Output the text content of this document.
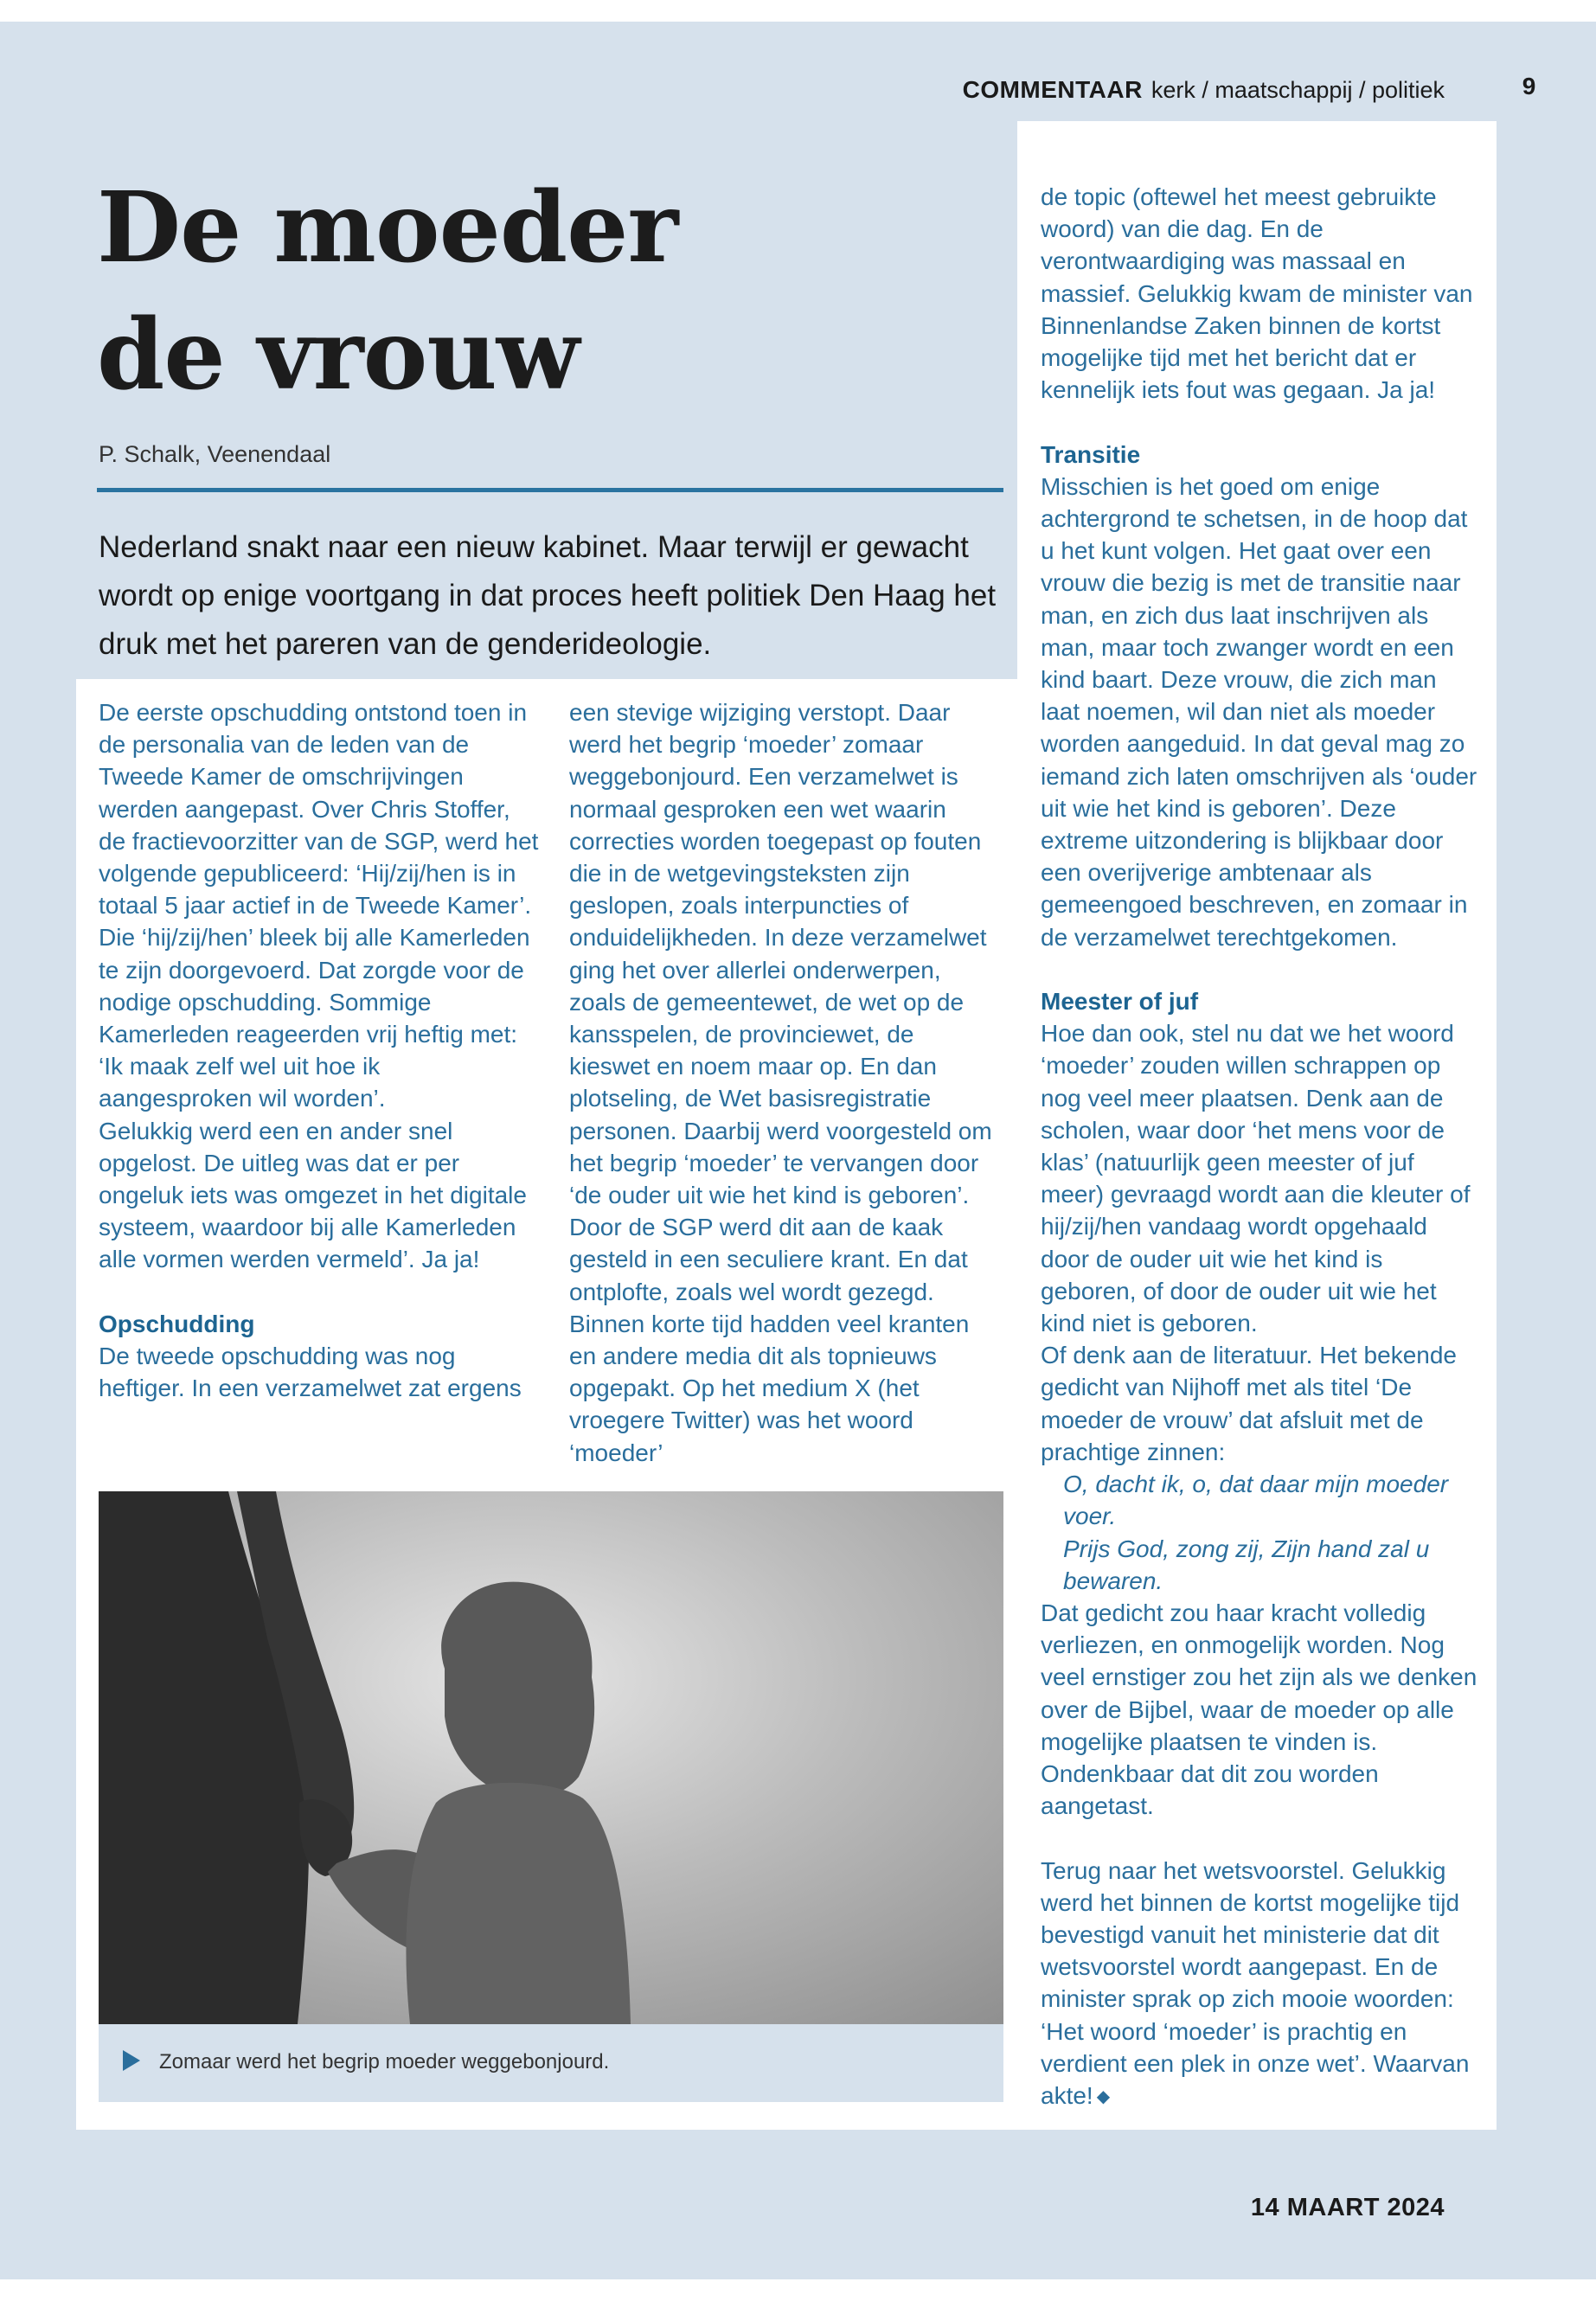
COMMENTAAR kerk / maatschappij / politiek	9
De moeder
de vrouw
P. Schalk, Veenendaal

Nederland snakt naar een nieuw kabinet. Maar terwijl er gewacht wordt op enige voortgang in dat proces heeft politiek Den Haag het druk met het pareren van de genderideologie.

De eerste opschudding ontstond toen in de personalia van de leden van de Tweede Kamer de omschrijvingen werden aangepast. Over Chris Stoffer, de fractievoorzitter van de SGP, werd het volgende gepubliceerd: ‘Hij/zij/hen is in totaal 5 jaar actief in de Tweede Kamer’. Die ‘hij/zij/hen’ bleek bij alle Kamerleden te zijn doorgevoerd. Dat zorgde voor de nodige opschudding. Sommige Kamerleden reageerden vrij heftig met: ‘Ik maak zelf wel uit hoe ik aangesproken wil worden’.

Gelukkig werd een en ander snel opgelost. De uitleg was dat er per ongeluk iets was omgezet in het digitale systeem, waardoor bij alle Kamerleden alle vormen werden vermeld’. Ja ja!

Opschudding

De tweede opschudding was nog heftiger. In een verzamelwet zat ergens

een stevige wijziging verstopt. Daar werd het begrip ‘moeder’ zomaar weggebonjourd. Een verzamelwet is normaal gesproken een wet waarin correcties worden toegepast op fouten die in de wetgevingsteksten zijn geslopen, zoals interpuncties of onduidelijkheden. In deze verzamelwet ging het over allerlei onderwerpen, zoals de gemeentewet, de wet op de kansspelen, de provinciewet, de kieswet en noem maar op. En dan plotseling, de Wet basisregistratie personen. Daarbij werd voorgesteld om het begrip ‘moeder’ te vervangen door ‘de ouder uit wie het kind is geboren’.

Door de SGP werd dit aan de kaak gesteld in een seculiere krant. En dat ontplofte, zoals wel wordt gezegd. Binnen korte tijd hadden veel kranten en andere media dit als topnieuws opgepakt. Op het medium X (het vroegere Twitter) was het woord ‘moeder’

de topic (oftewel het meest gebruikte woord) van die dag. En de verontwaardiging was massaal en massief. Gelukkig kwam de minister van Binnenlandse Zaken binnen de kortst mogelijke tijd met het bericht dat er kennelijk iets fout was gegaan. Ja ja!

Transitie

Misschien is het goed om enige achtergrond te schetsen, in de hoop dat u het kunt volgen. Het gaat over een vrouw die bezig is met de transitie naar man, en zich dus laat inschrijven als man, maar toch zwanger wordt en een kind baart. Deze vrouw, die zich man laat noemen, wil dan niet als moeder worden aangeduid. In dat geval mag zo iemand zich laten omschrijven als ‘ouder uit wie het kind is geboren’. Deze extreme uitzondering is blijkbaar door een overijverige ambtenaar als gemeengoed beschreven, en zomaar in de verzamelwet terechtgekomen.

Meester of juf

Hoe dan ook, stel nu dat we het woord ‘moeder’ zouden willen schrappen op nog veel meer plaatsen. Denk aan de scholen, waar door ‘het mens voor de klas’ (natuurlijk geen meester of juf meer) gevraagd wordt aan die kleuter of hij/zij/hen vandaag wordt opgehaald door de ouder uit wie het kind is geboren, of door de ouder uit wie het kind niet is geboren.

Of denk aan de literatuur. Het bekende gedicht van Nijhoff met als titel ‘De moeder de vrouw’ dat afsluit met de prachtige zinnen:

O, dacht ik, o, dat daar mijn moeder voer.

Prijs God, zong zij, Zijn hand zal u bewaren.

Dat gedicht zou haar kracht volledig verliezen, en onmogelijk worden. Nog veel ernstiger zou het zijn als we denken over de Bijbel, waar de moeder op alle mogelijke plaatsen te vinden is. Ondenkbaar dat dit zou worden aangetast.

Terug naar het wetsvoorstel. Gelukkig werd het binnen de kortst mogelijke tijd bevestigd vanuit het ministerie dat dit wetsvoorstel wordt aangepast. En de minister sprak op zich mooie woorden: ‘Het woord ‘moeder’ is prachtig en verdient een plek in onze wet’. Waarvan akte! ◆

Zomaar werd het begrip moeder weggebonjourd.
14 MAART 2024
